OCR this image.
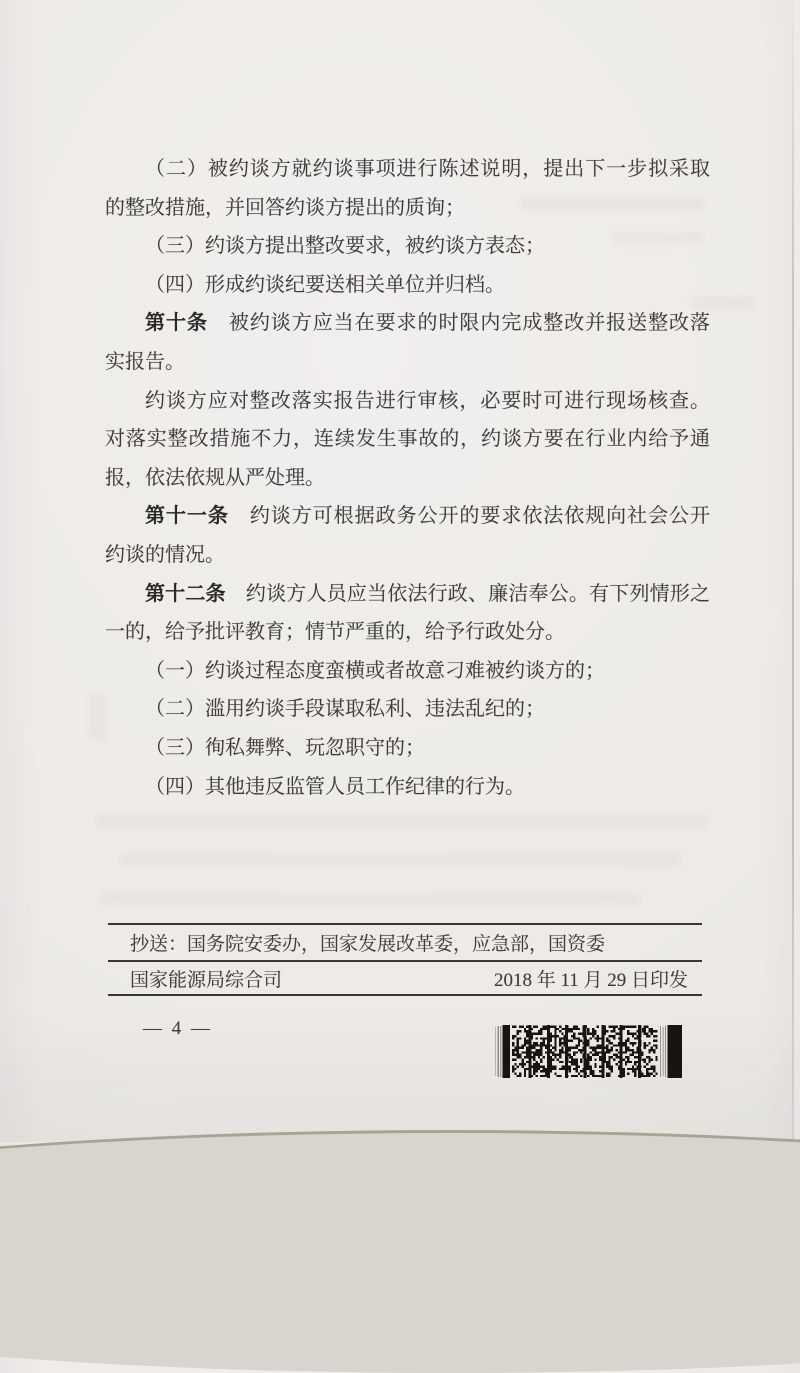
（二）被约谈方就约谈事项进行陈述说明，提出下一步拟采取
的整改措施，并回答约谈方提出的质询；
（三）约谈方提出整改要求，被约谈方表态；
（四）形成约谈纪要送相关单位并归档。
第十条　被约谈方应当在要求的时限内完成整改并报送整改落
实报告。
约谈方应对整改落实报告进行审核，必要时可进行现场核查。
对落实整改措施不力，连续发生事故的，约谈方要在行业内给予通
报，依法依规从严处理。
第十一条　约谈方可根据政务公开的要求依法依规向社会公开
约谈的情况。
第十二条　约谈方人员应当依法行政、廉洁奉公。有下列情形之
一的，给予批评教育；情节严重的，给予行政处分。
（一）约谈过程态度蛮横或者故意刁难被约谈方的；
（二）滥用约谈手段谋取私利、违法乱纪的；
（三）徇私舞弊、玩忽职守的；
（四）其他违反监管人员工作纪律的行为。
抄送：国务院安委办，国家发展改革委，应急部，国资委
国家能源局综合司	2018 年 11 月 29 日印发
— 4 —
